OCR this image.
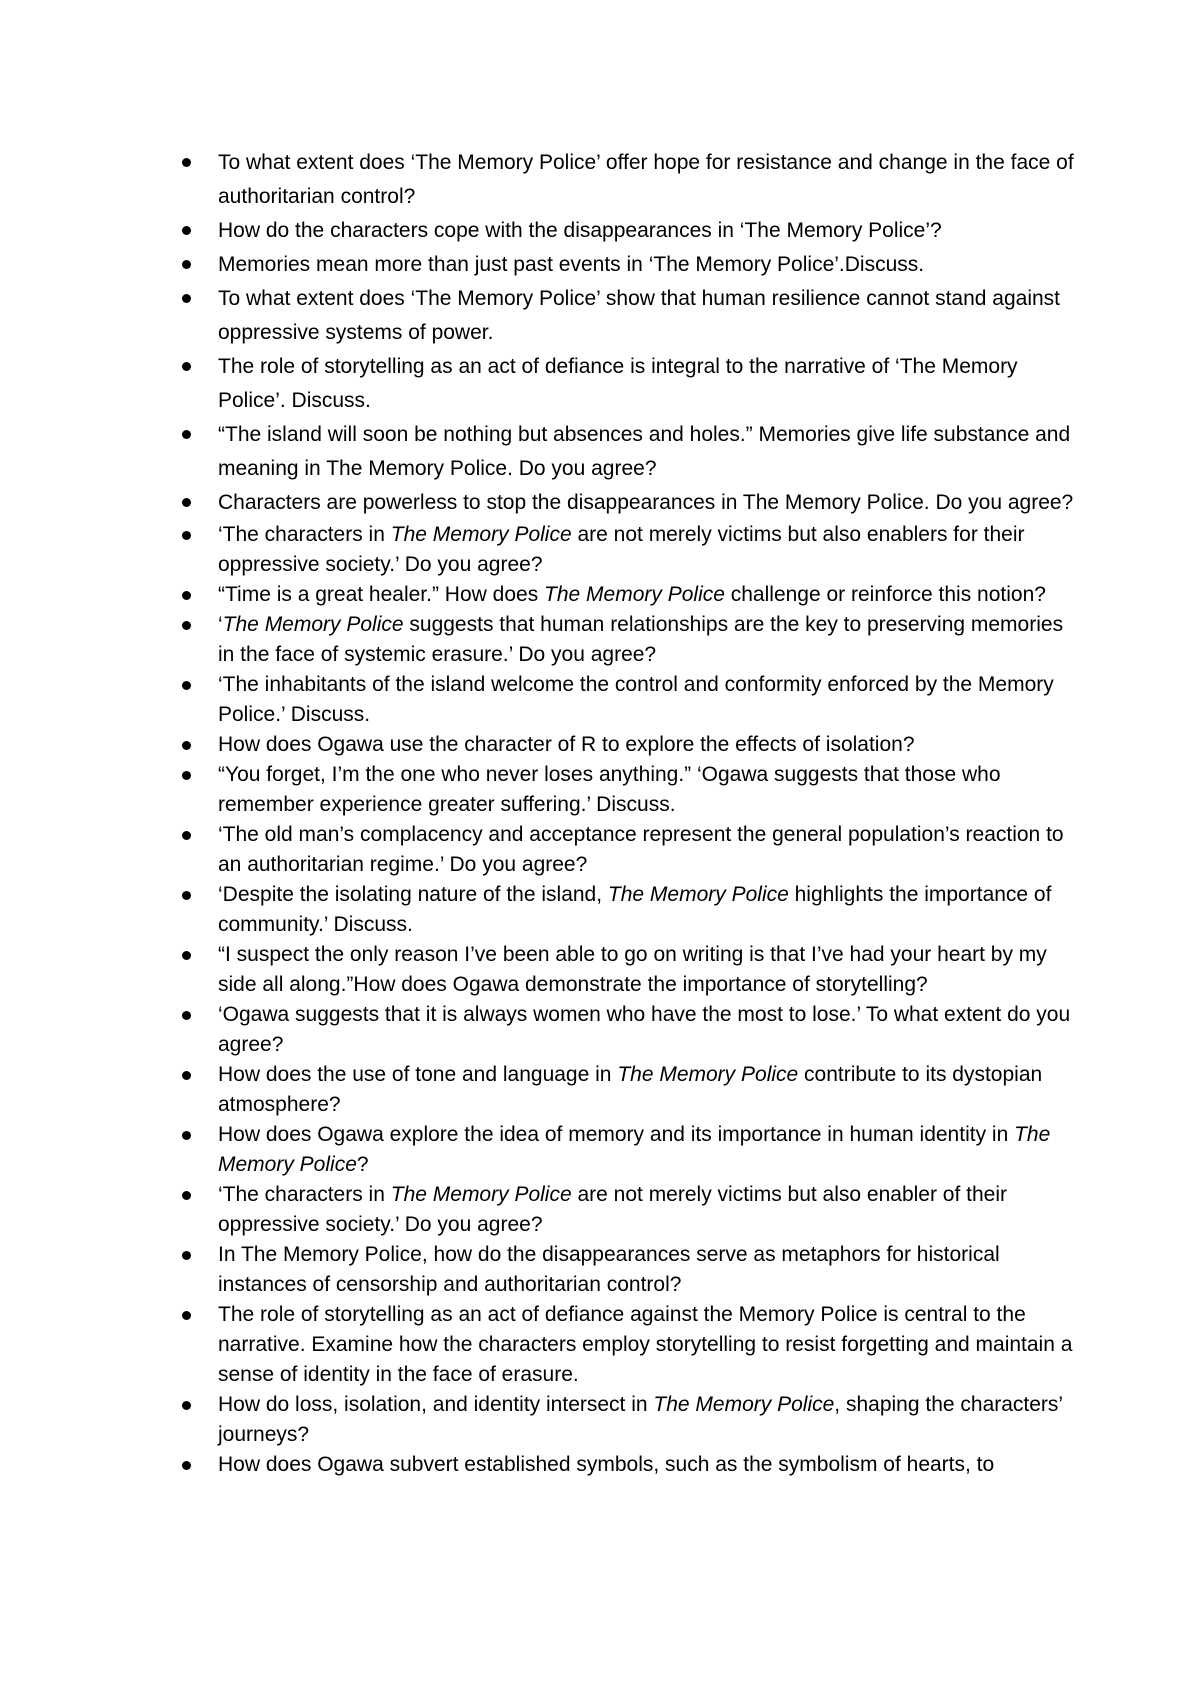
To what extent does ‘The Memory Police’ offer hope for resistance and change in the face of authoritarian control?
How do the characters cope with the disappearances in ‘The Memory Police’?
Memories mean more than just past events in ‘The Memory Police’.Discuss.
To what extent does ‘The Memory Police’ show that human resilience cannot stand against oppressive systems of power.
The role of storytelling as an act of defiance is integral to the narrative of ‘The Memory Police’. Discuss.
“The island will soon be nothing but absences and holes.” Memories give life substance and meaning in The Memory Police. Do you agree?
Characters are powerless to stop the disappearances in The Memory Police. Do you agree?
‘The characters in The Memory Police are not merely victims but also enablers for their oppressive society.’ Do you agree?
“Time is a great healer.” How does The Memory Police challenge or reinforce this notion?
‘The Memory Police suggests that human relationships are the key to preserving memories in the face of systemic erasure.’ Do you agree?
‘The inhabitants of the island welcome the control and conformity enforced by the Memory Police.’ Discuss.
How does Ogawa use the character of R to explore the effects of isolation?
“You forget, I’m the one who never loses anything.” ‘Ogawa suggests that those who remember experience greater suffering.’ Discuss.
‘The old man’s complacency and acceptance represent the general population’s reaction to an authoritarian regime.’ Do you agree?
‘Despite the isolating nature of the island, The Memory Police highlights the importance of community.’ Discuss.
“I suspect the only reason I’ve been able to go on writing is that I’ve had your heart by my side all along.”How does Ogawa demonstrate the importance of storytelling?
‘Ogawa suggests that it is always women who have the most to lose.’ To what extent do you agree?
How does the use of tone and language in The Memory Police contribute to its dystopian atmosphere?
How does Ogawa explore the idea of memory and its importance in human identity in The Memory Police?
‘The characters in The Memory Police are not merely victims but also enabler of their oppressive society.’ Do you agree?
In The Memory Police, how do the disappearances serve as metaphors for historical instances of censorship and authoritarian control?
The role of storytelling as an act of defiance against the Memory Police is central to the narrative. Examine how the characters employ storytelling to resist forgetting and maintain a sense of identity in the face of erasure.
How do loss, isolation, and identity intersect in The Memory Police, shaping the characters’ journeys?
How does Ogawa subvert established symbols, such as the symbolism of hearts, to
